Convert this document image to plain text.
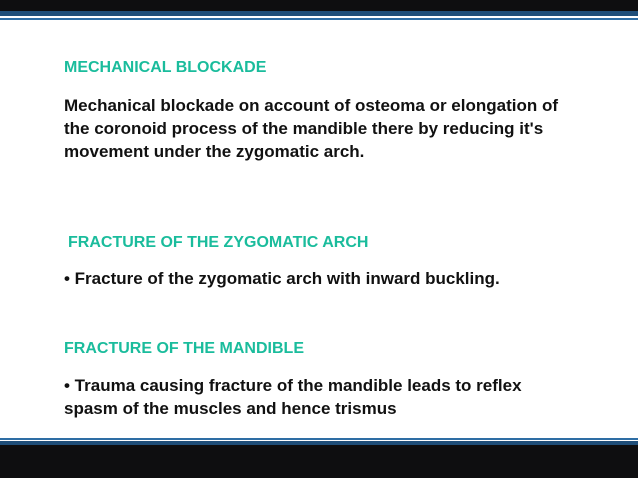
MECHANICAL BLOCKADE
Mechanical blockade on account of osteoma or elongation of the coronoid process of the mandible there by reducing it's movement under the zygomatic arch.
FRACTURE OF THE ZYGOMATIC ARCH
• Fracture of the zygomatic arch with inward buckling.
FRACTURE OF THE MANDIBLE
• Trauma causing fracture of the mandible leads to reflex spasm of the muscles and hence trismus
